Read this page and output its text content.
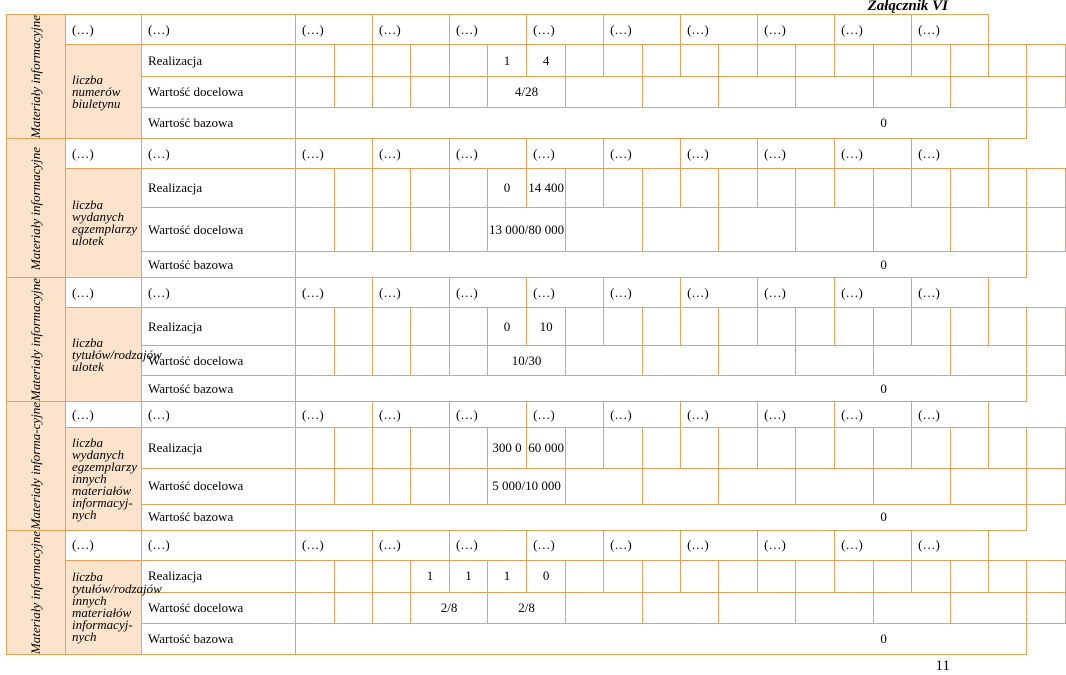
Załącznik VI
Materiały informacyjne	(…)	(…)	(…)		(…)		(…)		(…)		(…)		(…)		(…)		(…)		(…)			
	liczba numerów biuletynu	Realizacja						1	4													
		Wartość docelowa						4/28														
		Wartość bazowa	0																			

Materiały informacyjne	(…)	(…)	(…)		(…)		(…)		(…)		(…)		(…)		(…)		(…)		(…)			
	liczba wydanych egzemplarzy ulotek	Realizacja						0	14 400													
		Wartość docelowa						13 000/80 000														
		Wartość bazowa	0																			

Materiały informacyjne	(…)	(…)	(…)		(…)		(…)		(…)		(…)		(…)		(…)		(…)		(…)			
	liczba tytułów/rodzajów ulotek	Realizacja						0	10													
		Wartość docelowa						10/30														
		Wartość bazowa	0																			

Materiały informa-cyjne	(…)	(…)	(…)		(…)		(…)		(…)		(…)		(…)		(…)		(…)		(…)			
	liczba wydanych egzemplarzy innych materiałów informacyj-nych	Realizacja						300 0	60 000													
		Wartość docelowa						5 000/10 000														
		Wartość bazowa	0																			

Materiały informacyjne	(…)	(…)	(…)		(…)		(…)		(…)		(…)		(…)		(…)		(…)		(…)			
	liczba tytułów/rodzajów innych materiałów informacyj-nych	Realizacja				1	1	1	0													
		Wartość docelowa				2/8		2/8														
		Wartość bazowa	0																			
11
